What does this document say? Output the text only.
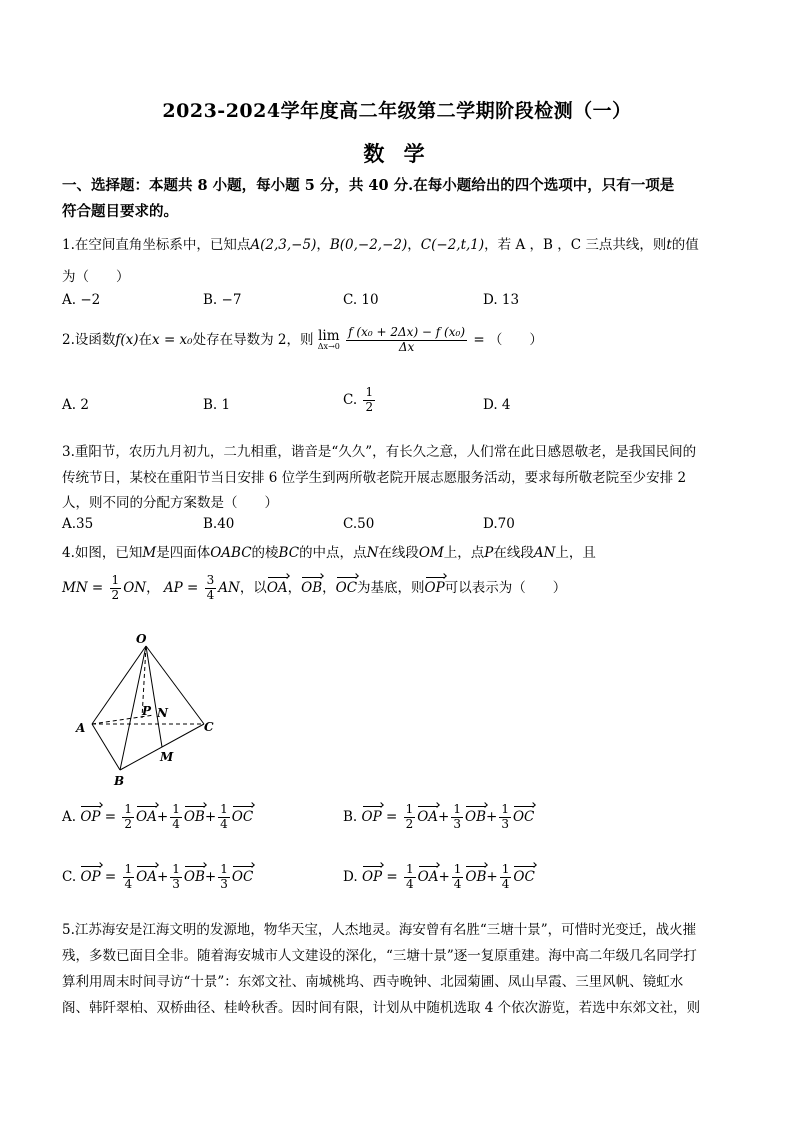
2023-2024学年度高二年级第二学期阶段检测（一）
数 学
一、选择题：本题共 8 小题，每小题 5 分，共 40 分.在每小题给出的四个选项中，只有一项是
符合题目要求的。
1.在空间直角坐标系中，已知点A(2,3,−5)，B(0,−2,−2)，C(−2,t,1)，若 A ，B ，C 三点共线，则t的值
为（　　）
A. −2	B. −7	C. 10	D. 13
2.设函数f(x)在x = x₀处存在导数为 2，则 lim
Δx→0
$\frac{\text{f (x₀ + 2Δx) − f (x₀)}}{\Delta x}$ = （　　）
A. 2	B. 1	C. $\frac{1}{2}$	D. 4
3.重阳节，农历九月初九，二九相重，谐音是“久久”，有长久之意，人们常在此日感恩敬老，是我国民间的
传统节日，某校在重阳节当日安排 6 位学生到两所敬老院开展志愿服务活动，要求每所敬老院至少安排 2
人，则不同的分配方案数是（　　）
A.35	B.40	C.50	D.70
4.如图，已知M是四面体OABC的棱BC的中点，点N在线段OM上，点P在线段AN上，且
MN = $\frac{1}{2}$ ON， AP = $\frac{3}{4}$ AN，以OA，OB，OC为基底，则OP可以表示为（　　）
O
A
B
C
M
N
P
A. OP = $\frac{1}{2} OA+ \frac{1}{4} OB+ \frac{1}{4}$ OC	B. OP = $\frac{1}{2} OA+ \frac{1}{3} OB+ \frac{1}{3}$ OC
C. OP = $\frac{1}{4} OA+ \frac{1}{3} OB+ \frac{1}{3}$ OC	D. OP = $\frac{1}{4} OA+ \frac{1}{4} OB+ \frac{1}{4}$ OC
5.江苏海安是江海文明的发源地，物华天宝，人杰地灵。海安曾有名胜“三塘十景”，可惜时光变迁，战火摧
残，多数已面目全非。随着海安城市人文建设的深化，“三塘十景”逐一复原重建。海中高二年级几名同学打
算利用周末时间寻访“十景”：东郊文社、南城桃坞、西寺晚钟、北园菊圃、凤山早霞、三里风帆、镜虹水
阁、韩阡翠柏、双桥曲径、桂岭秋香。因时间有限，计划从中随机选取 4 个依次游览，若选中东郊文社，则
